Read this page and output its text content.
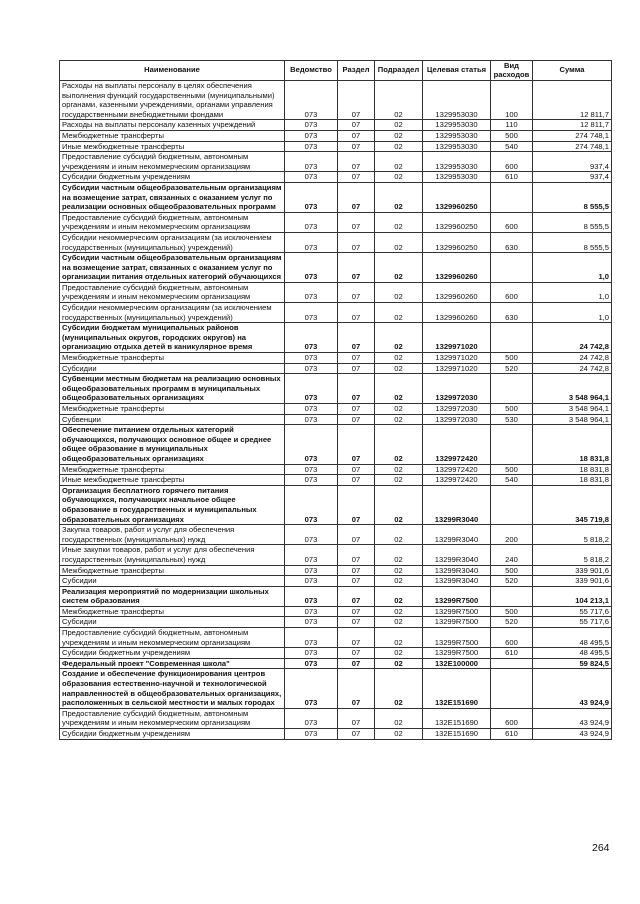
Наименование	Ведомство	Раздел	Подраздел	Целевая статья	Вид расходов	Сумма
Расходы на выплаты персоналу в целях обеспечения выполнения функций государственными (муниципальными) органами, казенными учреждениями, органами управления государственными внебюджетными фондами	073	07	02	1329953030	100	12 811,7
Расходы на выплаты персоналу казенных учреждений	073	07	02	1329953030	110	12 811,7
Межбюджетные трансферты	073	07	02	1329953030	500	274 748,1
Иные межбюджетные трансферты	073	07	02	1329953030	540	274 748,1
Предоставление субсидий бюджетным, автономным учреждениям и иным некоммерческим организациям	073	07	02	1329953030	600	937,4
Субсидии бюджетным учреждениям	073	07	02	1329953030	610	937,4
Субсидии частным общеобразовательным организациям на возмещение затрат, связанных с оказанием услуг по реализации основных общеобразовательных программ	073	07	02	1329960250		8 555,5
Предоставление субсидий бюджетным, автономным учреждениям и иным некоммерческим организациям	073	07	02	1329960250	600	8 555,5
Субсидии некоммерческим организациям (за исключением государственных (муниципальных) учреждений)	073	07	02	1329960250	630	8 555,5
Субсидии частным общеобразовательным организациям на возмещение затрат, связанных с оказанием услуг по организации питания отдельных категорий обучающихся	073	07	02	1329960260		1,0
Предоставление субсидий бюджетным, автономным учреждениям и иным некоммерческим организациям	073	07	02	1329960260	600	1,0
Субсидии некоммерческим организациям (за исключением государственных (муниципальных) учреждений)	073	07	02	1329960260	630	1,0
Субсидии бюджетам муниципальных районов (муниципальных округов, городских округов) на организацию отдыха детей в каникулярное время	073	07	02	1329971020		24 742,8
Межбюджетные трансферты	073	07	02	1329971020	500	24 742,8
Субсидии	073	07	02	1329971020	520	24 742,8
Субвенции местным бюджетам на реализацию основных общеобразовательных программ в муниципальных общеобразовательных организациях	073	07	02	1329972030		3 548 964,1
Межбюджетные трансферты	073	07	02	1329972030	500	3 548 964,1
Субвенции	073	07	02	1329972030	530	3 548 964,1
Обеспечение питанием отдельных категорий обучающихся, получающих основное общее и среднее общее образование в муниципальных общеобразовательных организациях	073	07	02	1329972420		18 831,8
Межбюджетные трансферты	073	07	02	1329972420	500	18 831,8
Иные межбюджетные трансферты	073	07	02	1329972420	540	18 831,8
Организация бесплатного горячего питания обучающихся, получающих начальное общее образование в государственных и муниципальных образовательных организациях	073	07	02	13299R3040		345 719,8
Закупка товаров, работ и услуг для обеспечения государственных (муниципальных) нужд	073	07	02	13299R3040	200	5 818,2
Иные закупки товаров, работ и услуг для обеспечения государственных (муниципальных) нужд	073	07	02	13299R3040	240	5 818,2
Межбюджетные трансферты	073	07	02	13299R3040	500	339 901,6
Субсидии	073	07	02	13299R3040	520	339 901,6
Реализация мероприятий по модернизации школьных систем образования	073	07	02	13299R7500		104 213,1
Межбюджетные трансферты	073	07	02	13299R7500	500	55 717,6
Субсидии	073	07	02	13299R7500	520	55 717,6
Предоставление субсидий бюджетным, автономным учреждениям и иным некоммерческим организациям	073	07	02	13299R7500	600	48 495,5
Субсидии бюджетным учреждениям	073	07	02	13299R7500	610	48 495,5
Федеральный проект "Современная школа"	073	07	02	132E100000		59 824,5
Создание и обеспечение функционирования центров образования естественно-научной и технологической направленностей в общеобразовательных организациях, расположенных в сельской местности и малых городах	073	07	02	132E151690		43 924,9
Предоставление субсидий бюджетным, автономным учреждениям и иным некоммерческим организациям	073	07	02	132E151690	600	43 924,9
Субсидии бюджетным учреждениям	073	07	02	132E151690	610	43 924,9
264
